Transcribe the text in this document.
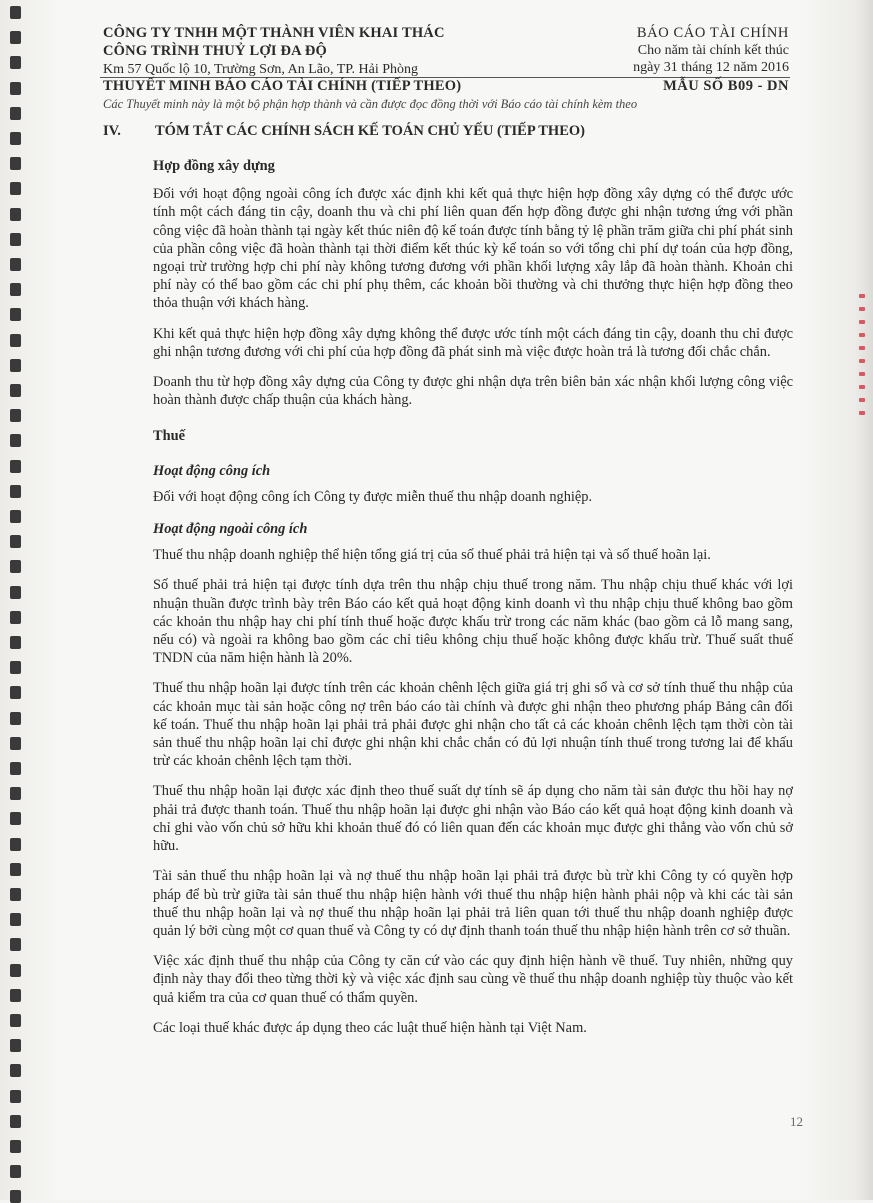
CÔNG TY TNHH MỘT THÀNH VIÊN KHAI THÁC
CÔNG TRÌNH THUỶ LỢI ĐA ĐỘ
Km 57 Quốc lộ 10, Trường Sơn, An Lão, TP. Hải Phòng
BÁO CÁO TÀI CHÍNH
Cho năm tài chính kết thúc
ngày 31 tháng 12 năm 2016
THUYẾT MINH BÁO CÁO TÀI CHÍNH (TIẾP THEO)	MẪU SỐ B09 - DN
Các Thuyết minh này là một bộ phận hợp thành và cần được đọc đồng thời với Báo cáo tài chính kèm theo
IV. TÓM TẮT CÁC CHÍNH SÁCH KẾ TOÁN CHỦ YẾU (TIẾP THEO)
Hợp đồng xây dựng

Đối với hoạt động ngoài công ích được xác định khi kết quả thực hiện hợp đồng xây dựng có thể được ước tính một cách đáng tin cậy, doanh thu và chi phí liên quan đến hợp đồng được ghi nhận tương ứng với phần công việc đã hoàn thành tại ngày kết thúc niên độ kế toán được tính bằng tỷ lệ phần trăm giữa chi phí phát sinh của phần công việc đã hoàn thành tại thời điểm kết thúc kỳ kế toán so với tổng chi phí dự toán của hợp đồng, ngoại trừ trường hợp chi phí này không tương đương với phần khối lượng xây lắp đã hoàn thành. Khoản chi phí này có thể bao gồm các chi phí phụ thêm, các khoản bồi thường và chi thưởng thực hiện hợp đồng theo thỏa thuận với khách hàng.

Khi kết quả thực hiện hợp đồng xây dựng không thể được ước tính một cách đáng tin cậy, doanh thu chỉ được ghi nhận tương đương với chi phí của hợp đồng đã phát sinh mà việc được hoàn trả là tương đối chắc chắn.

Doanh thu từ hợp đồng xây dựng của Công ty được ghi nhận dựa trên biên bản xác nhận khối lượng công việc hoàn thành được chấp thuận của khách hàng.

Thuế
Hoạt động công ích

Đối với hoạt động công ích Công ty được miễn thuế thu nhập doanh nghiệp.

Hoạt động ngoài công ích

Thuế thu nhập doanh nghiệp thể hiện tổng giá trị của số thuế phải trả hiện tại và số thuế hoãn lại.

Số thuế phải trả hiện tại được tính dựa trên thu nhập chịu thuế trong năm. Thu nhập chịu thuế khác với lợi nhuận thuần được trình bày trên Báo cáo kết quả hoạt động kinh doanh vì thu nhập chịu thuế không bao gồm các khoản thu nhập hay chi phí tính thuế hoặc được khấu trừ trong các năm khác (bao gồm cả lỗ mang sang, nếu có) và ngoài ra không bao gồm các chỉ tiêu không chịu thuế hoặc không được khấu trừ. Thuế suất thuế TNDN của năm hiện hành là 20%.

Thuế thu nhập hoãn lại được tính trên các khoản chênh lệch giữa giá trị ghi sổ và cơ sở tính thuế thu nhập của các khoản mục tài sản hoặc công nợ trên báo cáo tài chính và được ghi nhận theo phương pháp Bảng cân đối kế toán. Thuế thu nhập hoãn lại phải trả phải được ghi nhận cho tất cả các khoản chênh lệch tạm thời còn tài sản thuế thu nhập hoãn lại chỉ được ghi nhận khi chắc chắn có đủ lợi nhuận tính thuế trong tương lai để khấu trừ các khoản chênh lệch tạm thời.

Thuế thu nhập hoãn lại được xác định theo thuế suất dự tính sẽ áp dụng cho năm tài sản được thu hồi hay nợ phải trả được thanh toán. Thuế thu nhập hoãn lại được ghi nhận vào Báo cáo kết quả hoạt động kinh doanh và chỉ ghi vào vốn chủ sở hữu khi khoản thuế đó có liên quan đến các khoản mục được ghi thẳng vào vốn chủ sở hữu.

Tài sản thuế thu nhập hoãn lại và nợ thuế thu nhập hoãn lại phải trả được bù trừ khi Công ty có quyền hợp pháp để bù trừ giữa tài sản thuế thu nhập hiện hành với thuế thu nhập hiện hành phải nộp và khi các tài sản thuế thu nhập hoãn lại và nợ thuế thu nhập hoãn lại phải trả liên quan tới thuế thu nhập doanh nghiệp được quản lý bởi cùng một cơ quan thuế và Công ty có dự định thanh toán thuế thu nhập hiện hành trên cơ sở thuần.

Việc xác định thuế thu nhập của Công ty căn cứ vào các quy định hiện hành về thuế. Tuy nhiên, những quy định này thay đổi theo từng thời kỳ và việc xác định sau cùng về thuế thu nhập doanh nghiệp tùy thuộc vào kết quả kiểm tra của cơ quan thuế có thẩm quyền.

Các loại thuế khác được áp dụng theo các luật thuế hiện hành tại Việt Nam.

12
